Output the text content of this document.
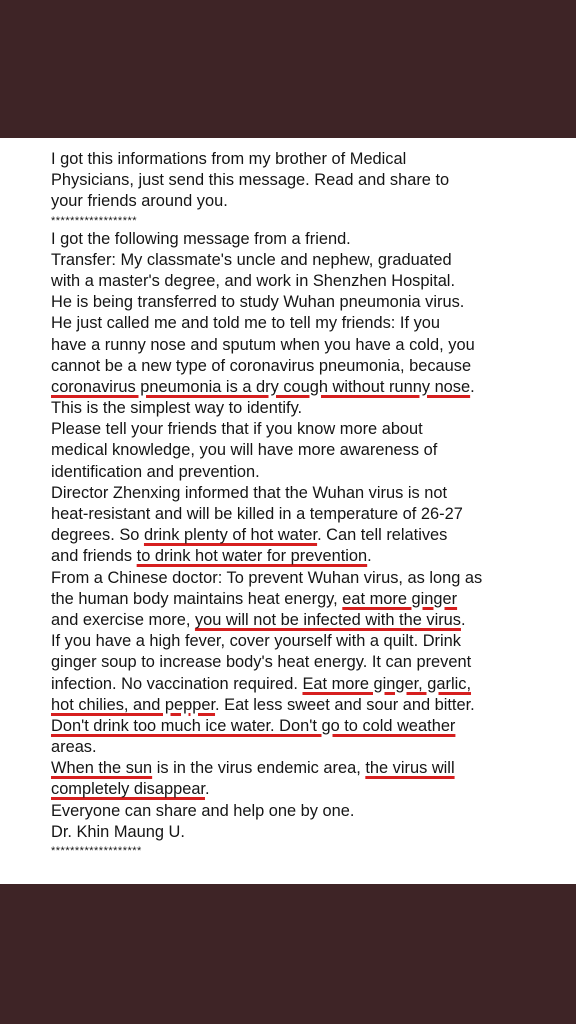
I got this informations from my brother of Medical
Physicians, just send this message. Read and share to
your friends around you.
******************
I got the following message from a friend.
Transfer: My classmate's uncle and nephew, graduated
with a master's degree, and work in Shenzhen Hospital.
He is being transferred to study Wuhan pneumonia virus.
He just called me and told me to tell my friends: If you
have a runny nose and sputum when you have a cold, you
cannot be a new type of coronavirus pneumonia, because
coronavirus pneumonia is a dry cough without runny nose.
This is the simplest way to identify.
Please tell your friends that if you know more about
medical knowledge, you will have more awareness of
identification and prevention.
Director Zhenxing informed that the Wuhan virus is not
heat-resistant and will be killed in a temperature of 26-27
degrees. So drink plenty of hot water. Can tell relatives
and friends to drink hot water for prevention.
From a Chinese doctor: To prevent Wuhan virus, as long as
the human body maintains heat energy, eat more ginger
and exercise more, you will not be infected with the virus.
If you have a high fever, cover yourself with a quilt. Drink
ginger soup to increase body's heat energy. It can prevent
infection. No vaccination required. Eat more ginger, garlic,
hot chilies, and pepper. Eat less sweet and sour and bitter.
Don't drink too much ice water. Don't go to cold weather
areas.
When the sun is in the virus endemic area, the virus will
completely disappear.
Everyone can share and help one by one.
Dr. Khin Maung U.
*******************
